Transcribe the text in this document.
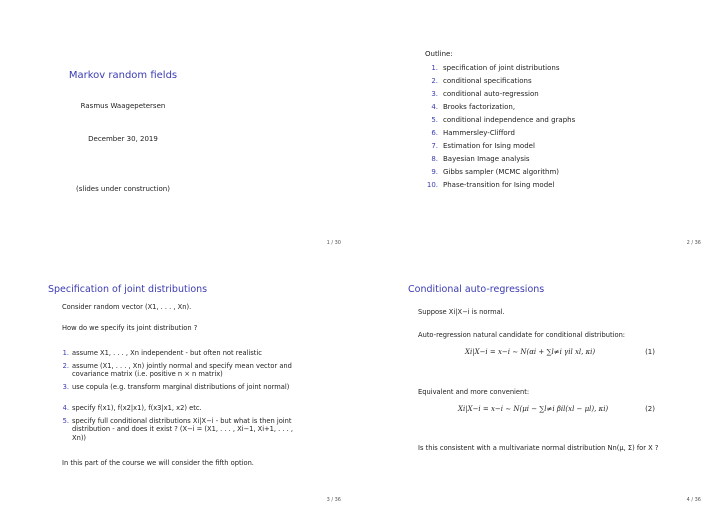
Markov random fields
Rasmus Waagepetersen
December 30, 2019
(slides under construction)
1 / 30
Outline:
1. specification of joint distributions
2. conditional specifications
3. conditional auto-regression
4. Brooks factorization,
5. conditional independence and graphs
6. Hammersley-Clifford
7. Estimation for Ising model
8. Bayesian Image analysis
9. Gibbs sampler (MCMC algorithm)
10. Phase-transition for Ising model
2 / 36
Specification of joint distributions
Consider random vector (X1, . . . , Xn).
How do we specify its joint distribution ?
1. assume X1, . . . , Xn independent - but often not realistic
2. assume (X1, . . . , Xn) jointly normal and specify mean vector and covariance matrix (i.e. positive n × n matrix)
3. use copula (e.g. transform marginal distributions of joint normal)
4. specify f(x1), f(x2|x1), f(x3|x1, x2) etc.
5. specify full conditional distributions Xi|X−i - but what is then joint distribution - and does it exist ? (X−i = (X1, . . . , Xi−1, Xi+1, . . . , Xn))
In this part of the course we will consider the fifth option.
3 / 36
Conditional auto-regressions
Suppose Xi|X−i is normal.
Auto-regression natural candidate for conditional distribution:
Xi|X−i = x−i ∼ N(αi + ∑l≠i γil xl, κi)	(1)
Equivalent and more convenient:
Xi|X−i = x−i ∼ N(μi − ∑l≠i βil(xl − μl), κi)	(2)
Is this consistent with a multivariate normal distribution Nn(μ, Σ) for X ?
4 / 36
